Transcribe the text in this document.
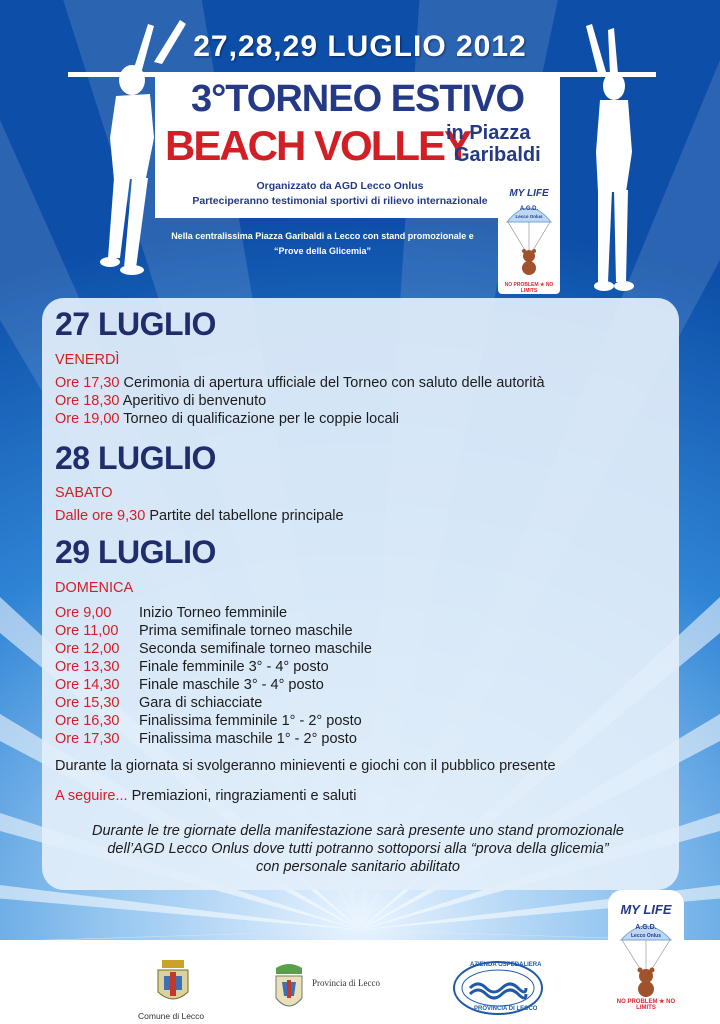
27,28,29 LUGLIO 2012
3°TORNEO ESTIVO
BEACH VOLLEY
in Piazza
Garibaldi
Organizzato da AGD Lecco Onlus
Parteciperanno testimonial sportivi di rilievo internazionale
Nella centralissima Piazza Garibaldi a Lecco con stand promozionale e
“Prove della Glicemia”
MY LIFE
A.G.D.
Lecco Onlus
NO PROBLEM ★ NO LIMITS
27 LUGLIO
VENERDÌ
Ore 17,30 Cerimonia di apertura ufficiale del Torneo con saluto delle autorità
Ore 18,30 Aperitivo di benvenuto
Ore 19,00 Torneo di qualificazione per le coppie locali
28 LUGLIO
SABATO
Dalle ore 9,30 Partite del tabellone principale
29 LUGLIO
DOMENICA
Ore 9,00 Inizio Torneo femminile
Ore 11,00 Prima semifinale torneo maschile
Ore 12,00 Seconda semifinale torneo maschile
Ore 13,30 Finale femminile 3° - 4° posto
Ore 14,30 Finale maschile 3° - 4° posto
Ore 15,30 Gara di schiacciate
Ore 16,30 Finalissima femminile 1° - 2° posto
Ore 17,30 Finalissima maschile 1° - 2° posto
Durante la giornata si svolgeranno minieventi e giochi con il pubblico presente
A seguire... Premiazioni, ringraziamenti e saluti
Durante le tre giornate della manifestazione sarà presente uno stand promozionale
dell’AGD Lecco Onlus dove tutti potranno sottoporsi alla “prova della glicemia”
con personale sanitario abilitato
Comune di Lecco
Provincia di Lecco
AZIENDA OSPEDALIERA
PROVINCIA DI LECCO
MY LIFE
A.G.D.
Lecco Onlus
NO PROBLEM ★ NO LIMITS
